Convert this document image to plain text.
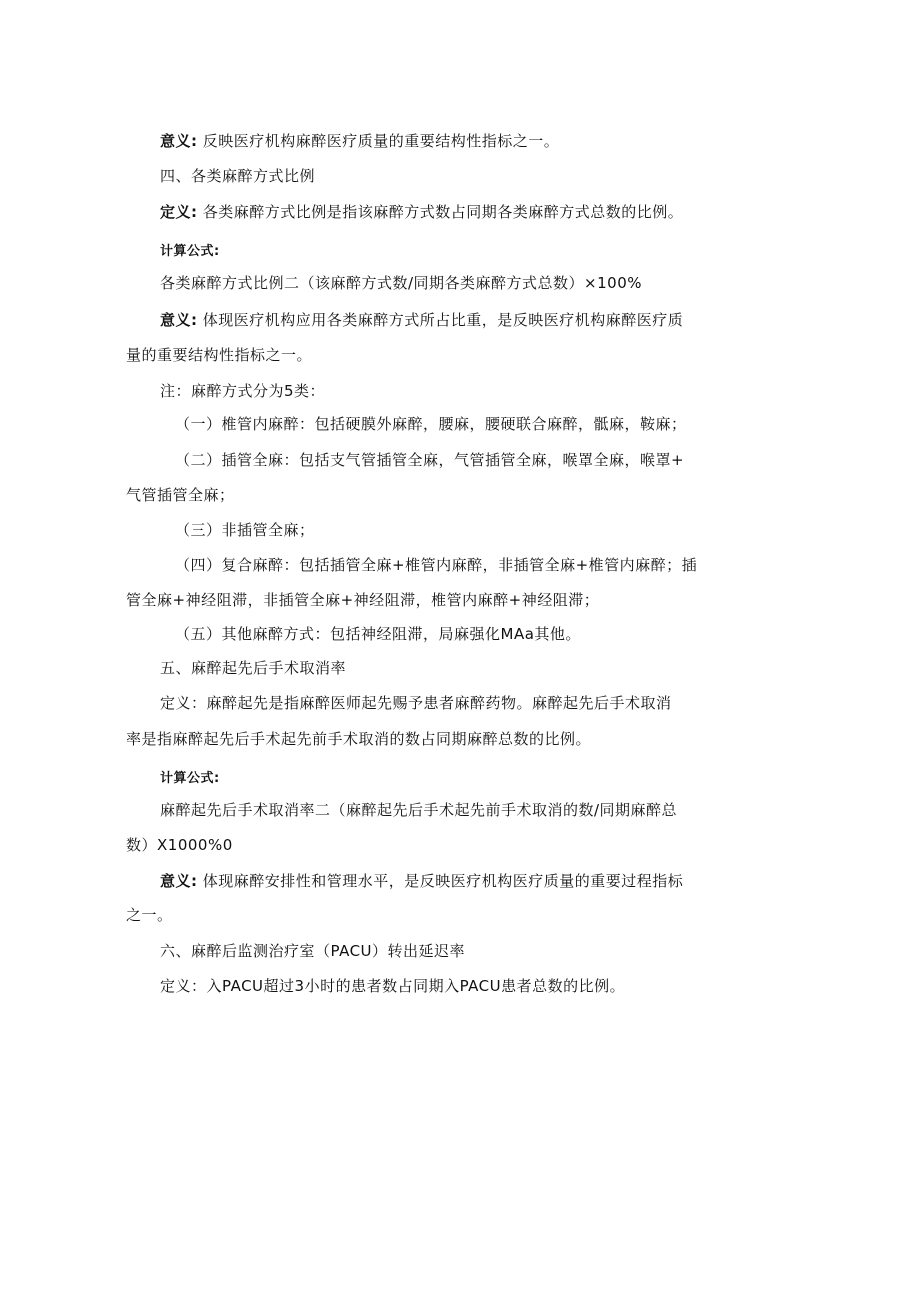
意义: 反映医疗机构麻醉医疗质量的重要结构性指标之一。
四、各类麻醉方式比例
定义: 各类麻醉方式比例是指该麻醉方式数占同期各类麻醉方式总数的比例。
计算公式:
各类麻醉方式比例二（该麻醉方式数/同期各类麻醉方式总数）×100%
意义: 体现医疗机构应用各类麻醉方式所占比重，是反映医疗机构麻醉医疗质
量的重要结构性指标之一。
注：麻醉方式分为5类：
（一）椎管内麻醉：包括硬膜外麻醉，腰麻，腰硬联合麻醉，骶麻，鞍麻；
（二）插管全麻：包括支气管插管全麻，气管插管全麻，喉罩全麻，喉罩+
气管插管全麻；
（三）非插管全麻；
（四）复合麻醉：包括插管全麻+椎管内麻醉，非插管全麻+椎管内麻醉；插
管全麻+神经阻滞，非插管全麻+神经阻滞，椎管内麻醉+神经阻滞；
（五）其他麻醉方式：包括神经阻滞，局麻强化MAa其他。
五、麻醉起先后手术取消率
定义：麻醉起先是指麻醉医师起先赐予患者麻醉药物。麻醉起先后手术取消
率是指麻醉起先后手术起先前手术取消的数占同期麻醉总数的比例。
计算公式:
麻醉起先后手术取消率二（麻醉起先后手术起先前手术取消的数/同期麻醉总
数）X1000%0
意义: 体现麻醉安排性和管理水平，是反映医疗机构医疗质量的重要过程指标
之一。
六、麻醉后监测治疗室（PACU）转出延迟率
定义：入PACU超过3小时的患者数占同期入PACU患者总数的比例。
